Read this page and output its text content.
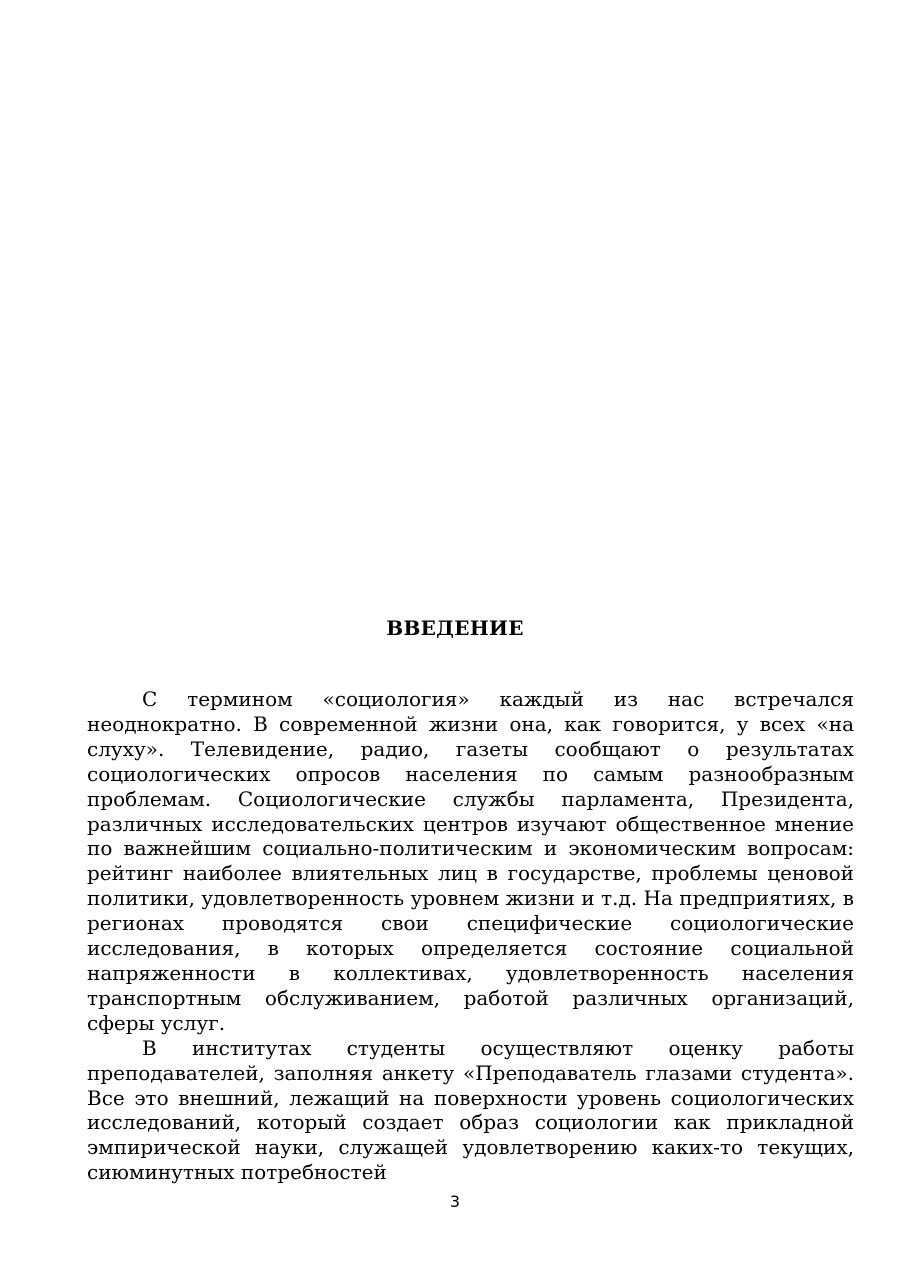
ВВЕДЕНИЕ

С термином «социология» каждый из нас встречался неоднократно. В современной жизни она, как говорится, у всех «на слуху». Телевидение, радио, газеты сообщают о результатах социологических опросов населения по самым разнообразным проблемам. Социологические службы парламента, Президента, различных исследовательских центров изучают общественное мнение по важнейшим социально-политическим и экономическим вопросам: рейтинг наиболее влиятельных лиц в государстве, проблемы ценовой политики, удовлетворенность уровнем жизни и т.д. На предприятиях, в регионах проводятся свои специфические социологические исследования, в которых определяется состояние социальной напряженности в коллективах, удовлетворенность населения транспортным обслуживанием, работой различных организаций, сферы услуг.

В институтах студенты осуществляют оценку работы преподавателей, заполняя анкету «Преподаватель глазами студента». Все это внешний, лежащий на поверхности уровень социологических исследований, который создает образ социологии как прикладной эмпирической науки, служащей удовлетворению каких-то текущих, сиюминутных потребностей

3
